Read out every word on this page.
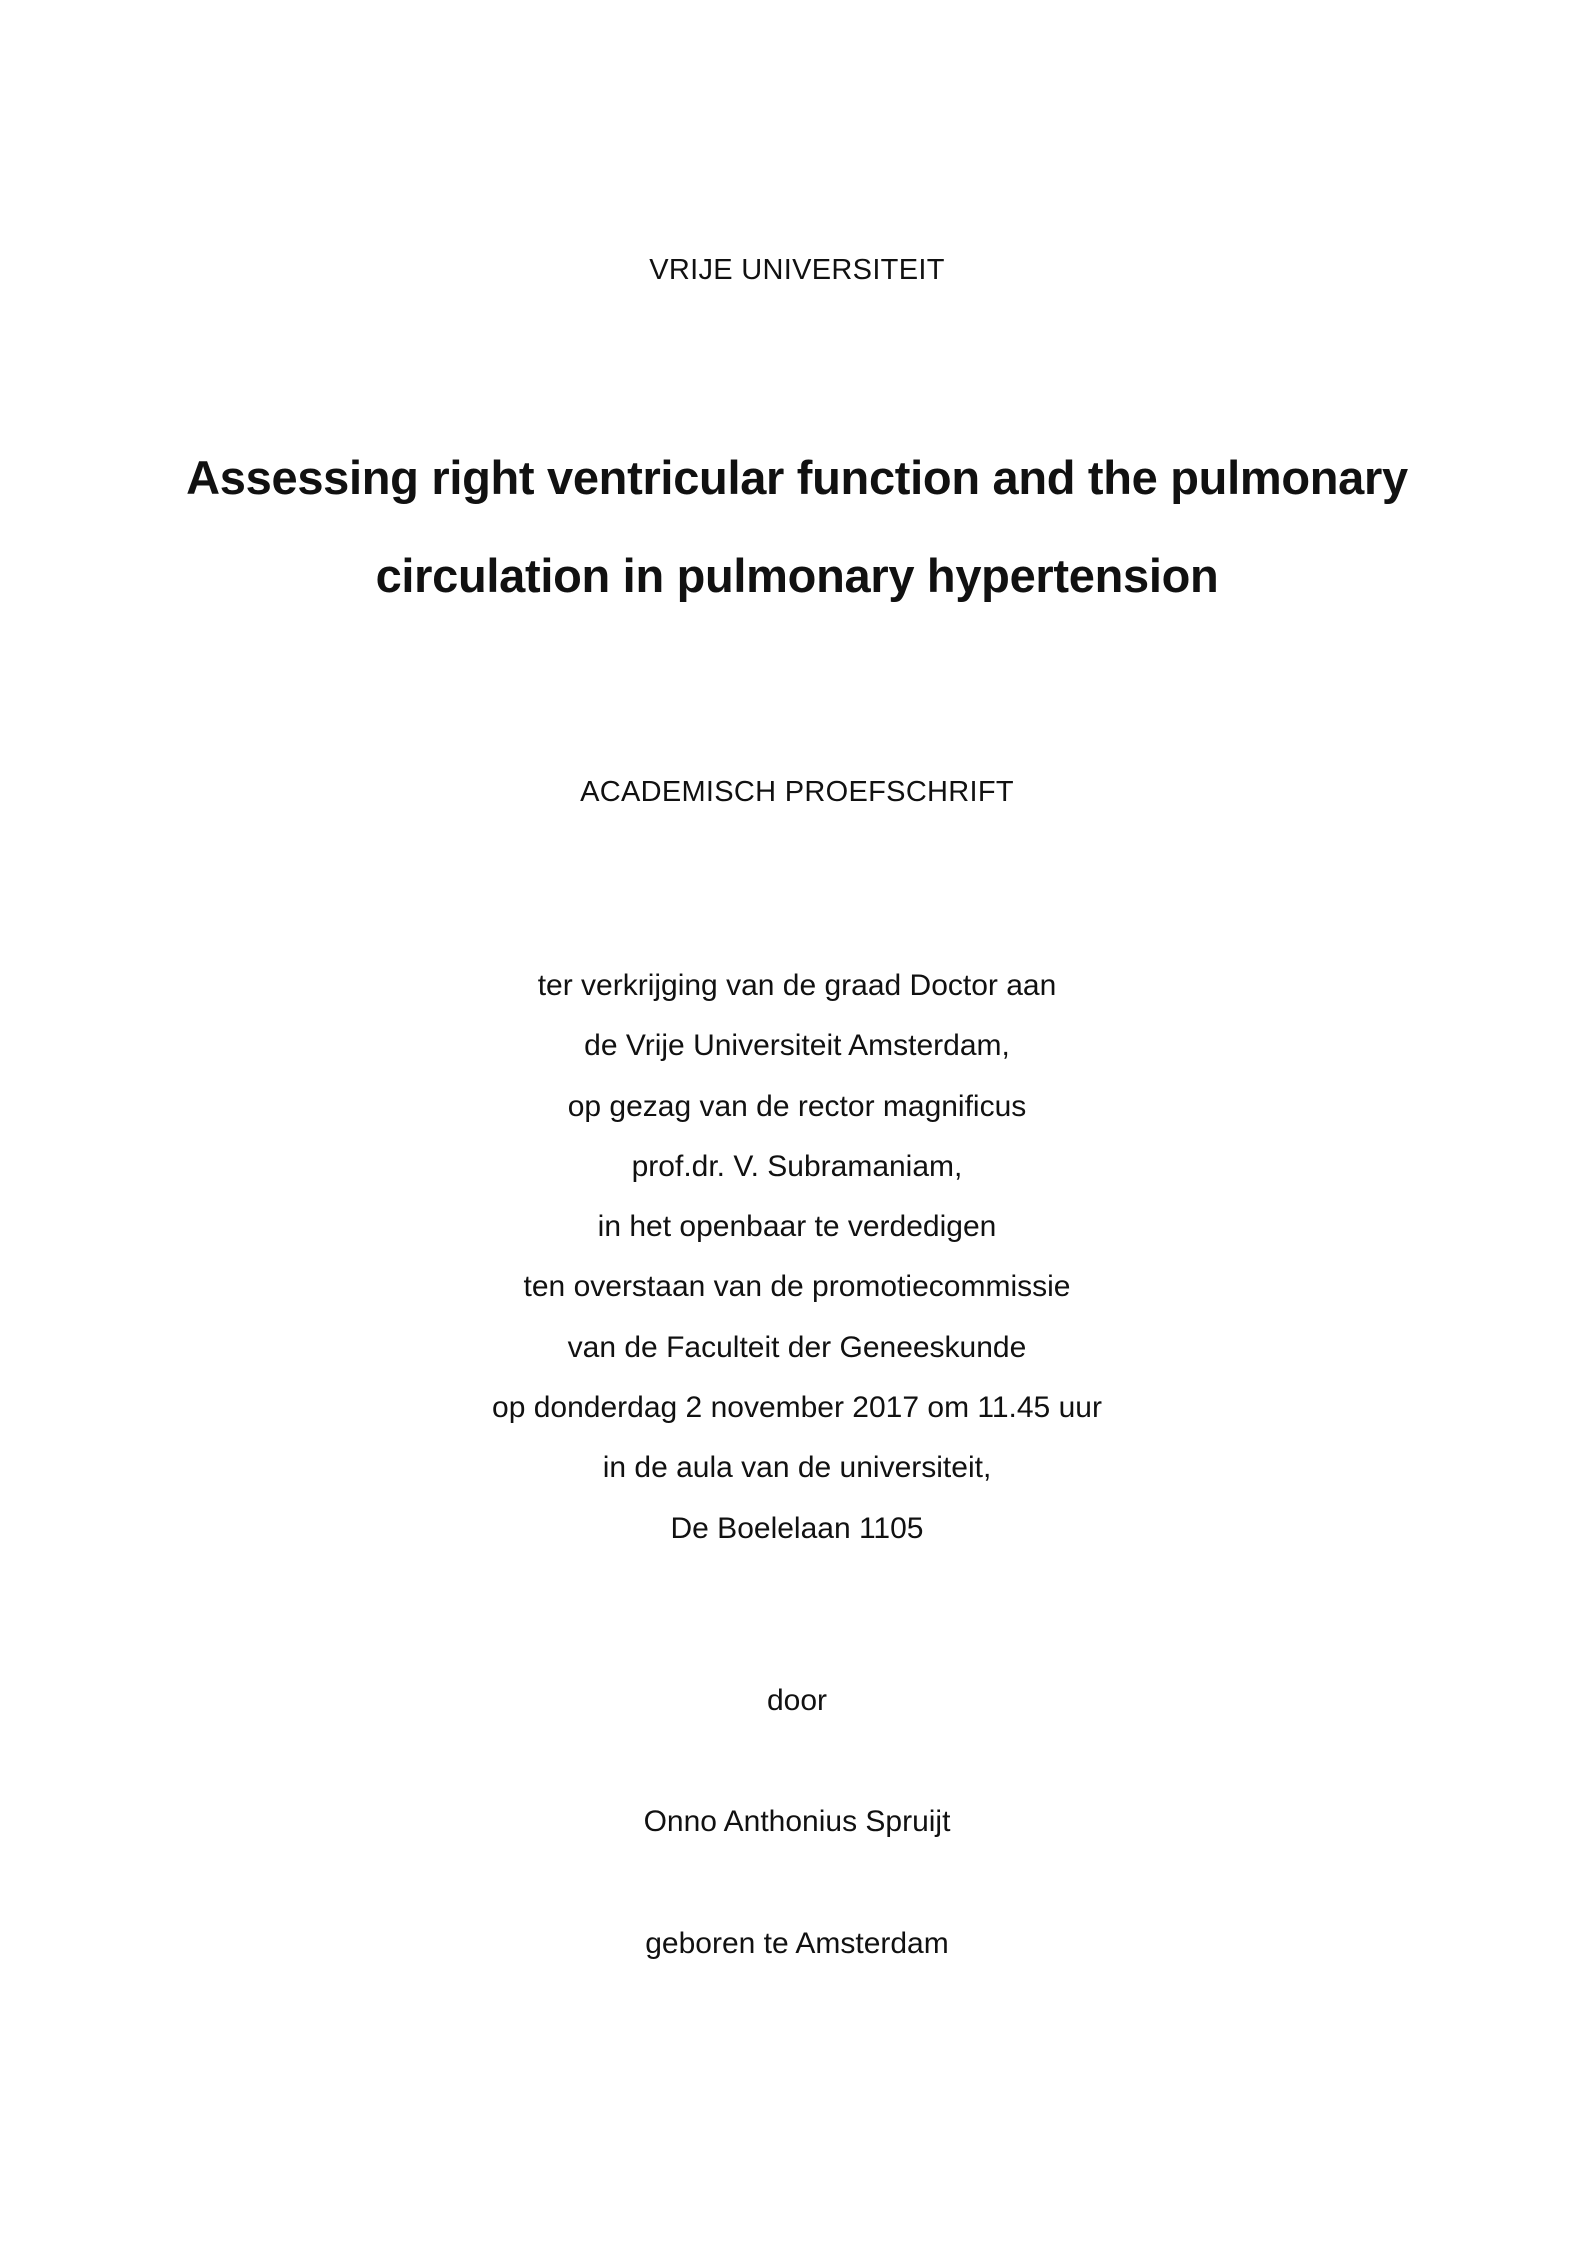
VRIJE UNIVERSITEIT
Assessing right ventricular function and the pulmonary
circulation in pulmonary hypertension
ACADEMISCH PROEFSCHRIFT
ter verkrijging van de graad Doctor aan
de Vrije Universiteit Amsterdam,
op gezag van de rector magnificus
prof.dr. V. Subramaniam,
in het openbaar te verdedigen
ten overstaan van de promotiecommissie
van de Faculteit der Geneeskunde
op donderdag 2 november 2017 om 11.45 uur
in de aula van de universiteit,
De Boelelaan 1105
door
Onno Anthonius Spruijt
geboren te Amsterdam
